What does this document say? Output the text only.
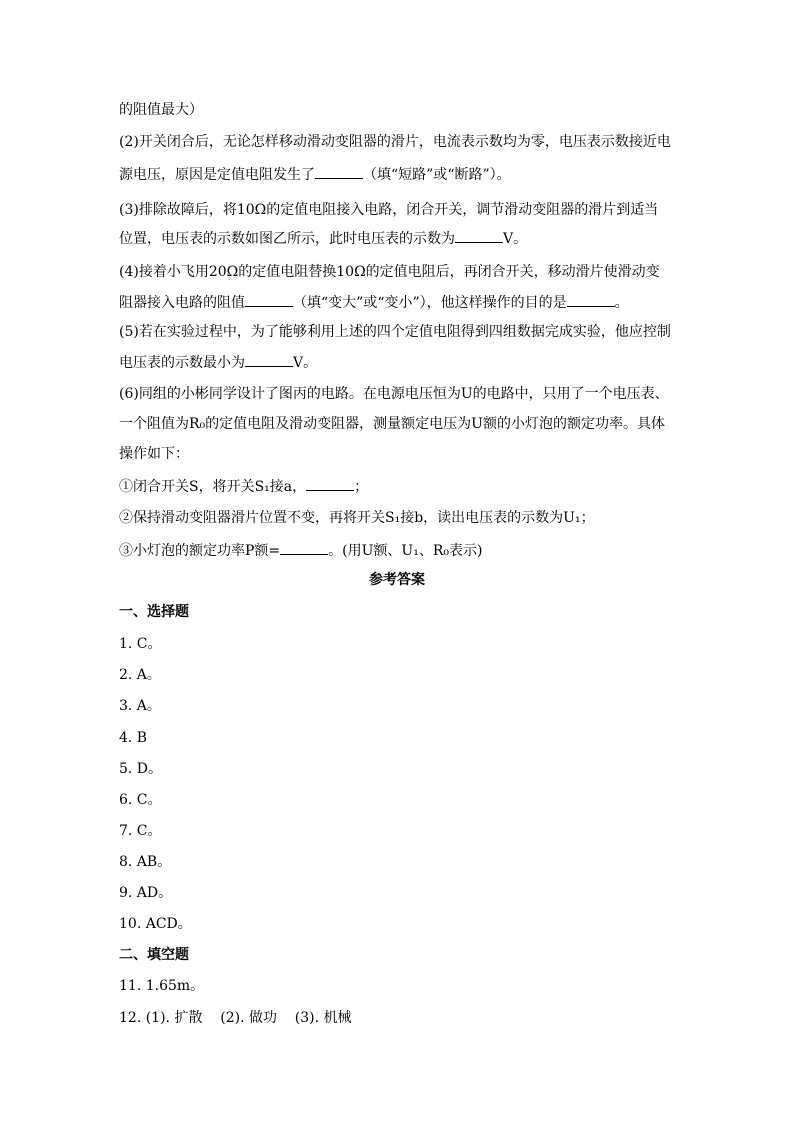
的阻值最大）
(2)开关闭合后，无论怎样移动滑动变阻器的滑片，电流表示数均为零，电压表示数接近电
源电压，原因是定值电阻发生了	（填“短路”或“断路”）。
(3)排除故障后，将10Ω的定值电阻接入电路，闭合开关，调节滑动变阻器的滑片到适当
位置，电压表的示数如图乙所示，此时电压表的示数为	V。
(4)接着小飞用20Ω的定值电阻替换10Ω的定值电阻后，再闭合开关，移动滑片使滑动变
阻器接入电路的阻值	（填“变大”或“变小”），他这样操作的目的是	。
(5)若在实验过程中，为了能够利用上述的四个定值电阻得到四组数据完成实验，他应控制
电压表的示数最小为	V。
(6)同组的小彬同学设计了图丙的电路。在电源电压恒为U的电路中，只用了一个电压表、
一个阻值为R₀的定值电阻及滑动变阻器，测量额定电压为U额的小灯泡的额定功率。具体
操作如下：
①闭合开关S，将开关S₁接a，	；
②保持滑动变阻器滑片位置不变，再将开关S₁接b，读出电压表的示数为U₁；
③小灯泡的额定功率P额=	。(用U额、U₁、R₀表示)
参考答案
一、选择题
1. C。
2. A。
3. A。
4. B
5. D。
6. C。
7. C。
8. AB。
9. AD。
10. ACD。
二、填空题
11. 1.65m。
12. (1). 扩散    (2). 做功    (3). 机械
